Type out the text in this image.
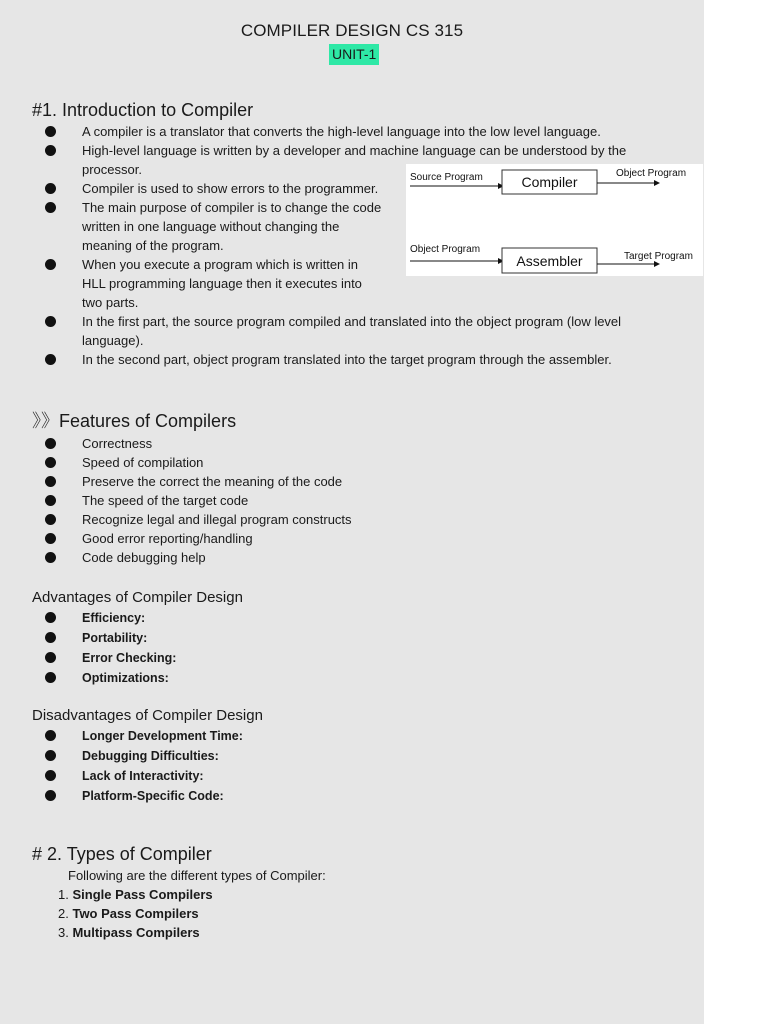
COMPILER DESIGN CS 315
UNIT-1
#1. Introduction to Compiler
A compiler is a translator that converts the high-level language into the low level language.
High-level language is written by a developer and machine language can be understood by the processor.
Compiler is used to show errors to the programmer.
The main purpose of compiler is to change the code written in one language without changing the meaning of the program.
When you execute a program which is written in HLL programming language then it executes into two parts.
In the first part, the source program compiled and translated into the object program (low level language).
In the second part, object program translated into the target program through the assembler.
Source Program	Compiler
Object Program
Object Program
Assembler	Target Program
》》Features of Compilers
Correctness
Speed of compilation
Preserve the correct the meaning of the code
The speed of the target code
Recognize legal and illegal program constructs
Good error reporting/handling
Code debugging help
Advantages of Compiler Design
Efficiency:
Portability:
Error Checking:
Optimizations:
Disadvantages of Compiler Design
Longer Development Time:
Debugging Difficulties:
Lack of Interactivity:
Platform-Specific Code:
# 2. Types of Compiler
Following are the different types of Compiler:
1. Single Pass Compilers
2. Two Pass Compilers
3. Multipass Compilers
